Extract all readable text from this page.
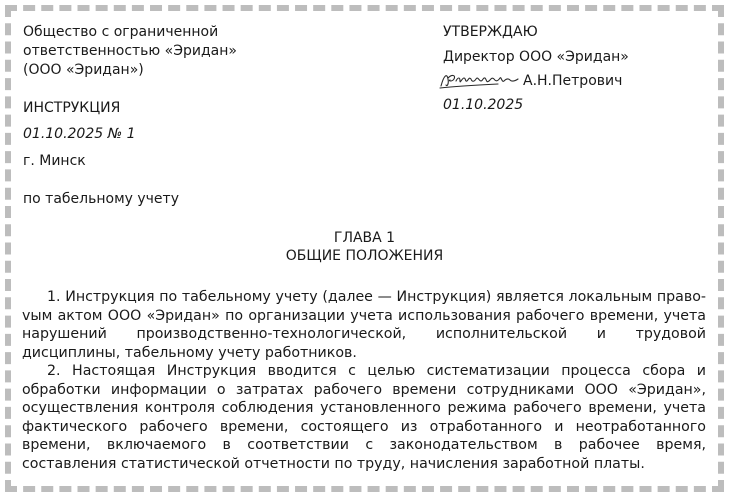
Общество с ограниченной
ответственностью «Эридан»
(ООО «Эридан»)
УТВЕРЖДАЮ
Директор ООО «Эридан»
А.Н.Петрович
01.10.2025
ИНСТРУКЦИЯ
01.10.2025 № 1
г. Минск
по табельному учету
ГЛАВА 1
ОБЩИЕ ПОЛОЖЕНИЯ

1. Инструкция по табельному учету (далее — Инструкция) является локальным правоvым актом ООО «Эридан» по организации учета использования рабочего времени, учета нарушений производственно-технологической, исполнительской и трудовой дисциплины, табельному учету работников.

2. Настоящая Инструкция вводится с целью систематизации процесса сбора и обработки информации о затратах рабочего времени сотрудниками ООО «Эридан», осуществления контроля соблюдения установленного режима рабочего времени, учета фактического рабочего времени, состоящего из отработанного и неотработанного времени, включаемого в соответствии с законодательством в рабочее время, составления статистической отчетности по труду, начисления заработной платы.
